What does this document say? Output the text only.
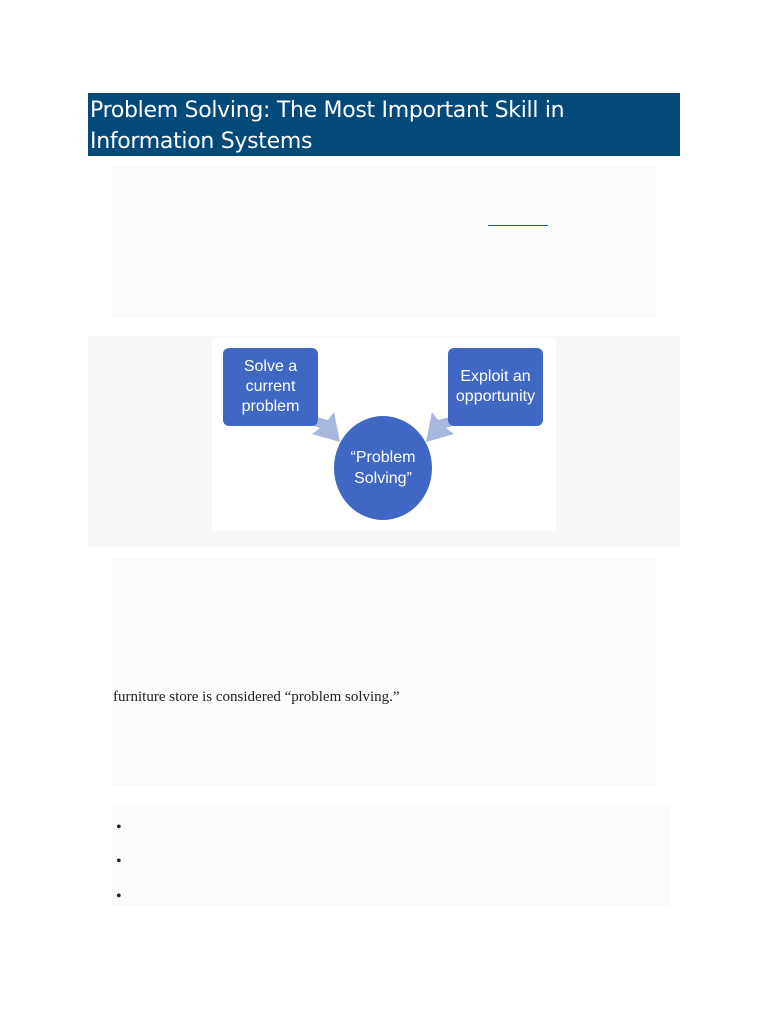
Problem Solving: The Most Important Skill in
Information Systems
Solve a
current
problem
Exploit an
opportunity
“Problem
Solving”
furniture store is considered “problem solving.”
•
•
•
